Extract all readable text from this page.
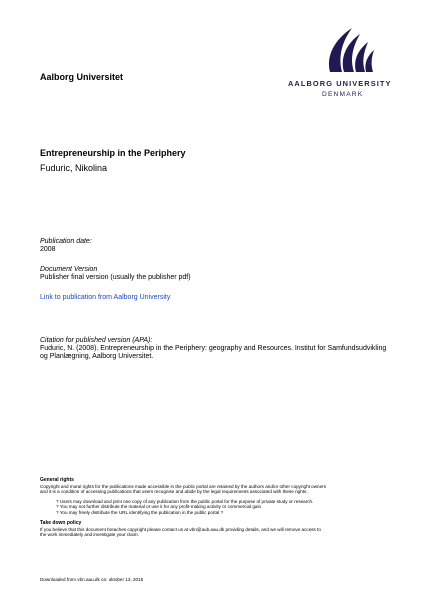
Aalborg Universitet
AALBORG UNIVERSITY
DENMARK
Entrepreneurship in the Periphery
Fuduric, Nikolina
Publication date:
2008
Document Version
Publisher final version (usually the publisher pdf)
Link to publication from Aalborg University
Citation for published version (APA):
Fuduric, N. (2008). Entrepreneurship in the Periphery: geography and Resources. Institut for Samfundsudvikling
og Planlægning, Aalborg Universitet.
General rights
Copyright and moral rights for the publications made accessible in the public portal are retained by the authors and/or other copyright owners
and it is a condition of accessing publications that users recognise and abide by the legal requirements associated with these rights.
? Users may download and print one copy of any publication from the public portal for the purpose of private study or research.
? You may not further distribute the material or use it for any profit-making activity or commercial gain
? You may freely distribute the URL identifying the publication in the public portal ?
Take down policy
If you believe that this document breaches copyright please contact us at vbn@aub.aau.dk providing details, and we will remove access to
the work immediately and investigate your claim.
Downloaded from vbn.aau.dk on: oktober 13, 2015
